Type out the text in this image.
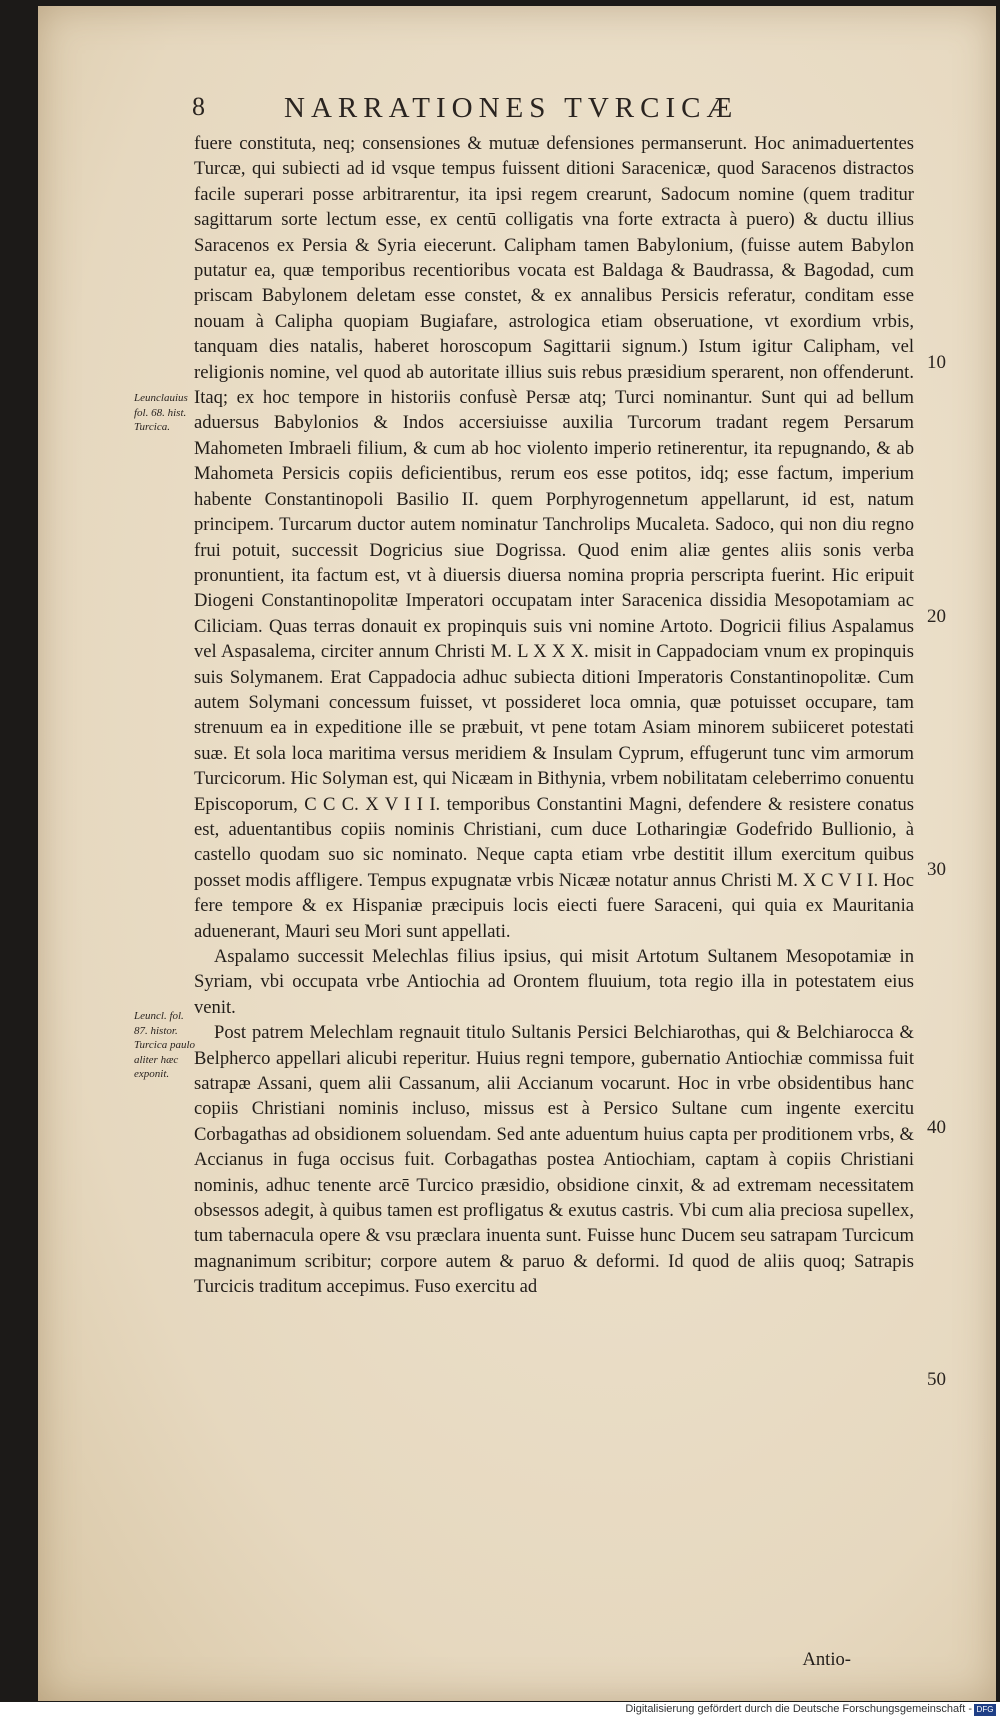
8	NARRATIONES TVRCICÆ
Leunclauius fol. 68. hist. Turcica.
Leuncl. fol. 87. histor. Turcica paulo aliter hæc exponit.

fuere constituta, neq; consensiones & mutuæ defensiones permanserunt. Hoc animaduertentes Turcæ, qui subiecti ad id vsque tempus fuissent ditioni Saracenicæ, quod Saracenos distractos facile superari posse arbitrarentur, ita ipsi regem crearunt, Sadocum nomine (quem traditur sagittarum sorte lectum esse, ex centū colligatis vna forte extracta à puero) & ductu illius Saracenos ex Persia & Syria eiecerunt. Calipham tamen Babylonium, (fuisse autem Babylon putatur ea, quæ temporibus recentioribus vocata est Baldaga & Baudrassa, & Bagodad, cum priscam Babylonem deletam esse constet, & ex annalibus Persicis referatur, conditam esse nouam à Calipha quopiam Bugiafare, astrologica etiam obseruatione, vt exordium vrbis, tanquam dies natalis, haberet horoscopum Sagittarii signum.) Istum igitur Calipham, vel religionis nomine, vel quod ab autoritate illius suis rebus præsidium sperarent, non offenderunt. Itaq; ex hoc tempore in historiis confusè Persæ atq; Turci nominantur. Sunt qui ad bellum aduersus Babylonios & Indos accersiuisse auxilia Turcorum tradant regem Persarum Mahometen Imbraeli filium, & cum ab hoc violento imperio retinerentur, ita repugnando, & ab Mahometa Persicis copiis deficientibus, rerum eos esse potitos, idq; esse factum, imperium habente Constantinopoli Basilio II. quem Porphyrogennetum appellarunt, id est, natum principem. Turcarum ductor autem nominatur Tanchrolips Mucaleta. Sadoco, qui non diu regno frui potuit, successit Dogricius siue Dogrissa. Quod enim aliæ gentes aliis sonis verba pronuntient, ita factum est, vt à diuersis diuersa nomina propria perscripta fuerint. Hic eripuit Diogeni Constantinopolitæ Imperatori occupatam inter Saracenica dissidia Mesopotamiam ac Ciliciam. Quas terras donauit ex propinquis suis vni nomine Artoto. Dogricii filius Aspalamus vel Aspasalema, circiter annum Christi M. L X X X. misit in Cappadociam vnum ex propinquis suis Solymanem. Erat Cappadocia adhuc subiecta ditioni Imperatoris Constantinopolitæ. Cum autem Solymani concessum fuisset, vt possideret loca omnia, quæ potuisset occupare, tam strenuum ea in expeditione ille se præbuit, vt pene totam Asiam minorem subiiceret potestati suæ. Et sola loca maritima versus meridiem & Insulam Cyprum, effugerunt tunc vim armorum Turcicorum. Hic Solyman est, qui Nicæam in Bithynia, vrbem nobilitatam celeberrimo conuentu Episcoporum, C C C. X V I I I. temporibus Constantini Magni, defendere & resistere conatus est, aduentantibus copiis nominis Christiani, cum duce Lotharingiæ Godefrido Bullionio, à castello quodam suo sic nominato. Neque capta etiam vrbe destitit illum exercitum quibus posset modis affligere. Tempus expugnatæ vrbis Nicææ notatur annus Christi M. X C V I I. Hoc fere tempore & ex Hispaniæ præcipuis locis eiecti fuere Saraceni, qui quia ex Mauritania aduenerant, Mauri seu Mori sunt appellati.

Aspalamo successit Melechlas filius ipsius, qui misit Artotum Sultanem Mesopotamiæ in Syriam, vbi occupata vrbe Antiochia ad Orontem fluuium, tota regio illa in potestatem eius venit.

Post patrem Melechlam regnauit titulo Sultanis Persici Belchiarothas, qui & Belchiarocca & Belpherco appellari alicubi reperitur. Huius regni tempore, gubernatio Antiochiæ commissa fuit satrapæ Assani, quem alii Cassanum, alii Accianum vocarunt. Hoc in vrbe obsidentibus hanc copiis Christiani nominis incluso, missus est à Persico Sultane cum ingente exercitu Corbagathas ad obsidionem soluendam. Sed ante aduentum huius capta per proditionem vrbs, & Accianus in fuga occisus fuit. Corbagathas postea Antiochiam, captam à copiis Christiani nominis, adhuc tenente arcē Turcico præsidio, obsidione cinxit, & ad extremam necessitatem obsessos adegit, à quibus tamen est profligatus & exutus castris. Vbi cum alia preciosa supellex, tum tabernacula opere & vsu præclara inuenta sunt. Fuisse hunc Ducem seu satrapam Turcicum magnanimum scribitur; corpore autem & paruo & deformi. Id quod de aliis quoq; Satrapis Turcicis traditum accepimus. Fuso exercitu ad

10
20
30
40
50
Antio-
Digitalisierung gefördert durch die Deutsche Forschungsgemeinschaft - DFG
